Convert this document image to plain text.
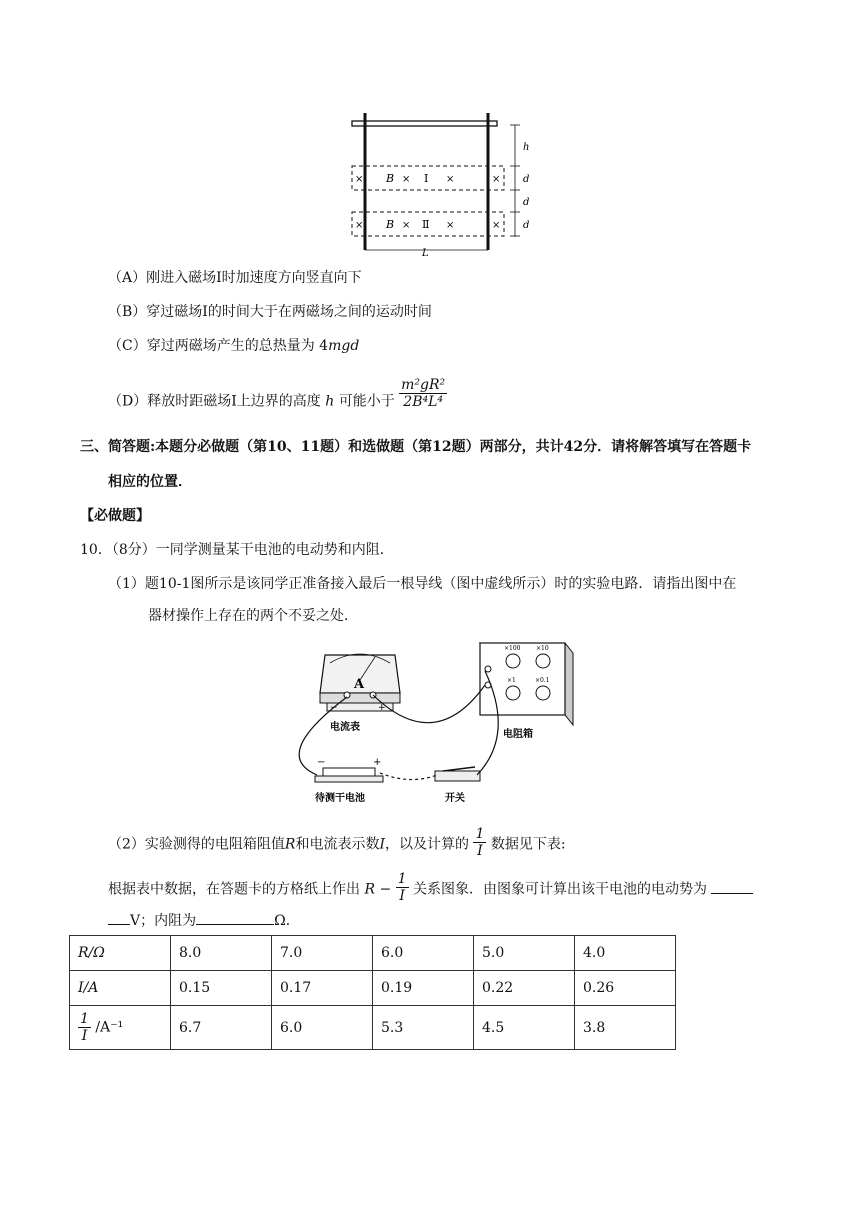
× B × Ⅰ ×	×
× B × Ⅱ ×	×
h
d
d
d
L
（A）刚进入磁场Ⅰ时加速度方向竖直向下
（B）穿过磁场Ⅰ的时间大于在两磁场之间的运动时间
（C）穿过两磁场产生的总热量为 4mgd
（D）释放时距磁场Ⅰ上边界的高度 h 可能小于 $\frac{\text{m²gR²}}{\text{2B⁴L⁴}}$
三、简答题:本题分必做题（第10、11题）和选做题（第12题）两部分，共计42分．请将解答填写在答题卡
相应的位置．
【必做题】
10．（8分）一同学测量某干电池的电动势和内阻．
（1）题10-1图所示是该同学正准备接入最后一根导线（图中虚线所示）时的实验电路．请指出图中在
器材操作上存在的两个不妥之处．
A
−	+
电流表
×100	×10
×1	×0.1
电阻箱
−	+
待测干电池	开关
（2）实验测得的电阻箱阻值R和电流表示数I，以及计算的 $\frac{1}{I}$ 数据见下表:
根据表中数据，在答题卡的方格纸上作出 $R - \frac{1}{I}$ 关系图象．由图象可计算出该干电池的电动势为
V；内阻为	Ω．
R/Ω	8.0	7.0	6.0	5.0	4.0
I/A	0.15	0.17	0.19	0.22	0.26

$\frac{1}{I} /A^{-1}$	6.7	6.0	5.3	4.5	3.8
